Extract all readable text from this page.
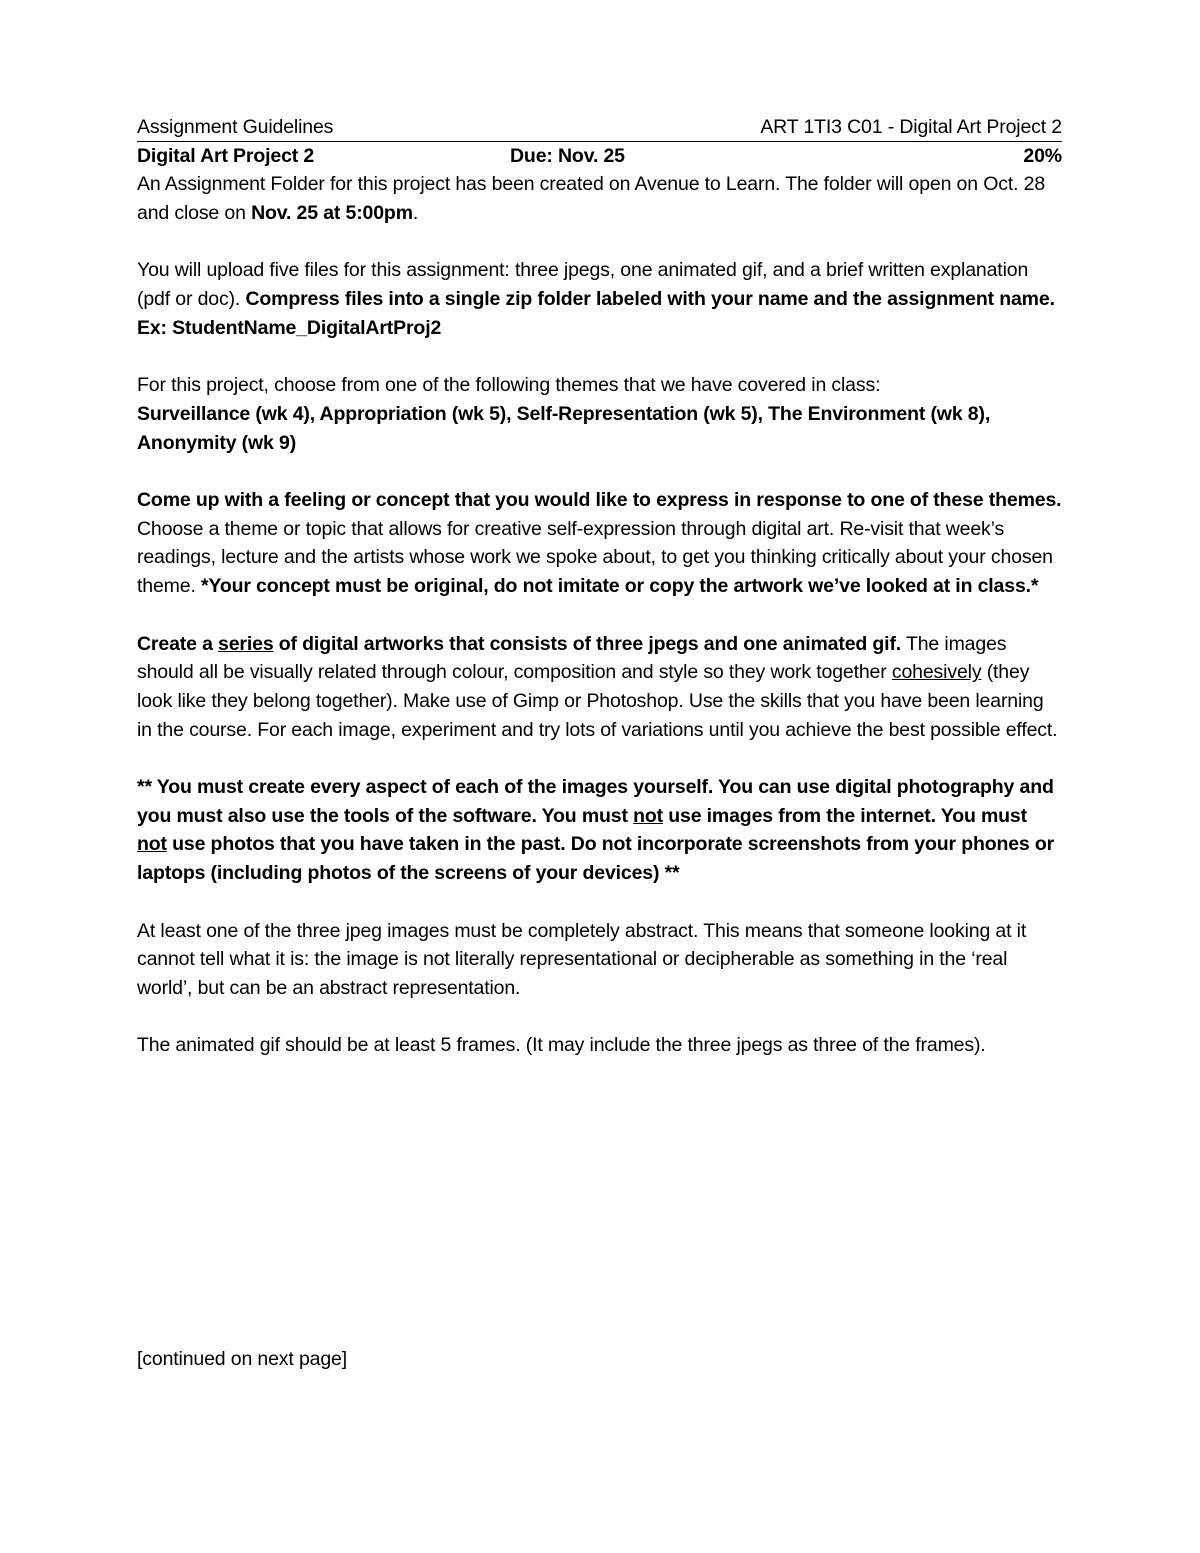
Assignment Guidelines	ART 1TI3 C01 - Digital Art Project 2
Digital Art Project 2	Due: Nov. 25	20%

An Assignment Folder for this project has been created on Avenue to Learn. The folder will open on Oct. 28 and close on Nov. 25 at 5:00pm.

You will upload five files for this assignment: three jpegs, one animated gif, and a brief written explanation (pdf or doc). Compress files into a single zip folder labeled with your name and the assignment name. Ex: StudentName_DigitalArtProj2

For this project, choose from one of the following themes that we have covered in class:
Surveillance (wk 4), Appropriation (wk 5), Self-Representation (wk 5), The Environment (wk 8), Anonymity (wk 9)

Come up with a feeling or concept that you would like to express in response to one of these themes. Choose a theme or topic that allows for creative self-expression through digital art. Re-visit that week’s readings, lecture and the artists whose work we spoke about, to get you thinking critically about your chosen theme. *Your concept must be original, do not imitate or copy the artwork we’ve looked at in class.*

Create a series of digital artworks that consists of three jpegs and one animated gif. The images should all be visually related through colour, composition and style so they work together cohesively (they look like they belong together). Make use of Gimp or Photoshop. Use the skills that you have been learning in the course. For each image, experiment and try lots of variations until you achieve the best possible effect.

** You must create every aspect of each of the images yourself. You can use digital photography and you must also use the tools of the software. You must not use images from the internet. You must not use photos that you have taken in the past. Do not incorporate screenshots from your phones or laptops (including photos of the screens of your devices) **

At least one of the three jpeg images must be completely abstract. This means that someone looking at it cannot tell what it is: the image is not literally representational or decipherable as something in the ‘real world’, but can be an abstract representation.

The animated gif should be at least 5 frames. (It may include the three jpegs as three of the frames).

[continued on next page]
